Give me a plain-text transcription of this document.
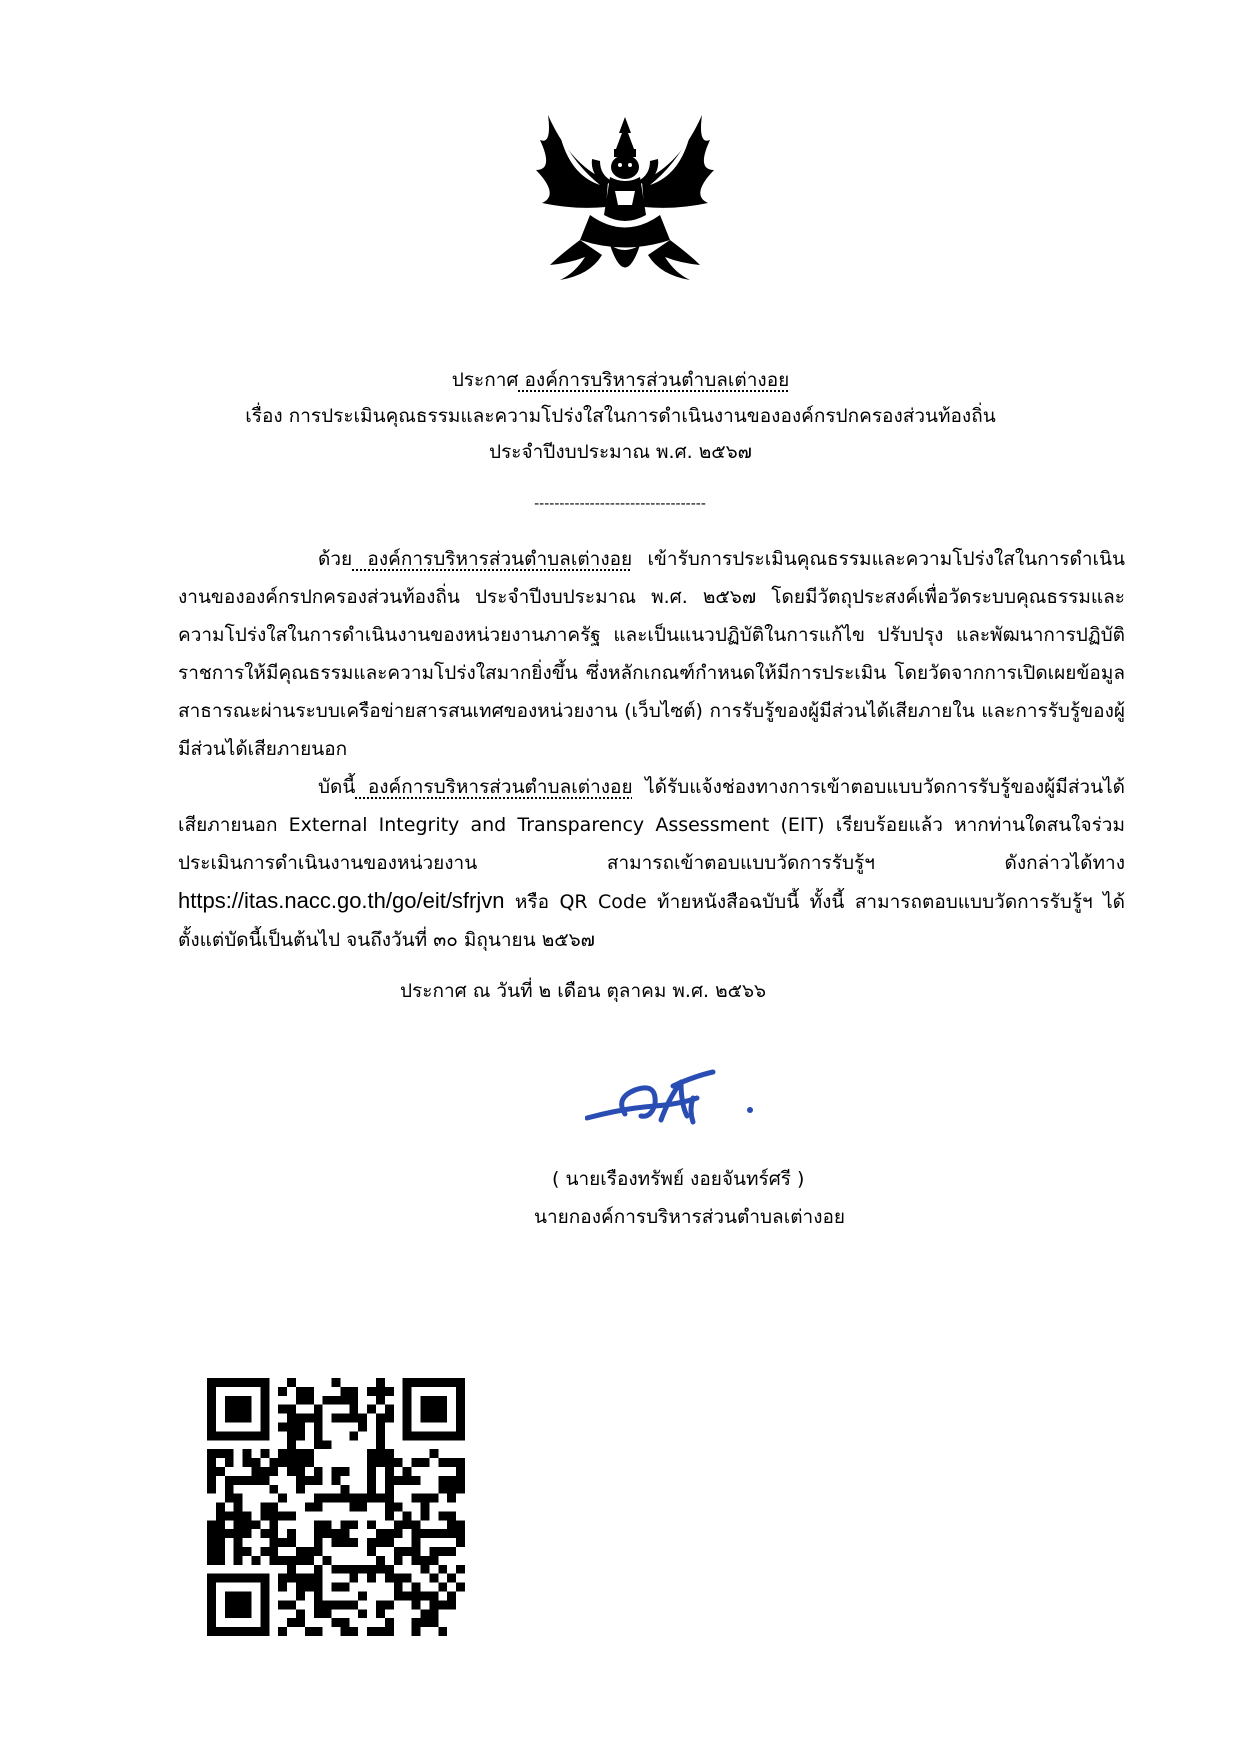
ประกาศ องค์การบริหารส่วนตำบลเต่างอย
เรื่อง การประเมินคุณธรรมและความโปร่งใสในการดำเนินงานขององค์กรปกครองส่วนท้องถิ่น
ประจำปีงบประมาณ พ.ศ. ๒๕๖๗
----------------------------------

ด้วย องค์การบริหารส่วนตำบลเต่างอย เข้ารับการประเมินคุณธรรมและความโปร่งใสในการดำเนินงานขององค์กรปกครองส่วนท้องถิ่น ประจำปีงบประมาณ พ.ศ. ๒๕๖๗ โดยมีวัตถุประสงค์เพื่อวัดระบบคุณธรรมและความโปร่งใสในการดำเนินงานของหน่วยงานภาครัฐ และเป็นแนวปฏิบัติในการแก้ไข ปรับปรุง และพัฒนาการปฏิบัติราชการให้มีคุณธรรมและความโปร่งใสมากยิ่งขึ้น ซึ่งหลักเกณฑ์กำหนดให้มีการประเมิน โดยวัดจากการเปิดเผยข้อมูลสาธารณะผ่านระบบเครือข่ายสารสนเทศของหน่วยงาน (เว็บไซต์) การรับรู้ของผู้มีส่วนได้เสียภายใน และการรับรู้ของผู้มีส่วนได้เสียภายนอก

บัดนี้ องค์การบริหารส่วนตำบลเต่างอย ได้รับแจ้งช่องทางการเข้าตอบแบบวัดการรับรู้ของผู้มีส่วนได้เสียภายนอก External Integrity and Transparency Assessment (EIT) เรียบร้อยแล้ว หากท่านใดสนใจร่วมประเมินการดำเนินงานของหน่วยงาน สามารถเข้าตอบแบบวัดการรับรู้ฯ ดังกล่าวได้ทาง https://itas.nacc.go.th/go/eit/sfrjvn หรือ QR Code ท้ายหนังสือฉบับนี้ ทั้งนี้ สามารถตอบแบบวัดการรับรู้ฯ ได้ตั้งแต่บัดนี้เป็นต้นไป จนถึงวันที่ ๓๐ มิถุนายน ๒๕๖๗

ประกาศ ณ วันที่ ๒ เดือน ตุลาคม พ.ศ. ๒๕๖๖
( นายเรืองทรัพย์ งอยจันทร์ศรี )
นายกองค์การบริหารส่วนตำบลเต่างอย
